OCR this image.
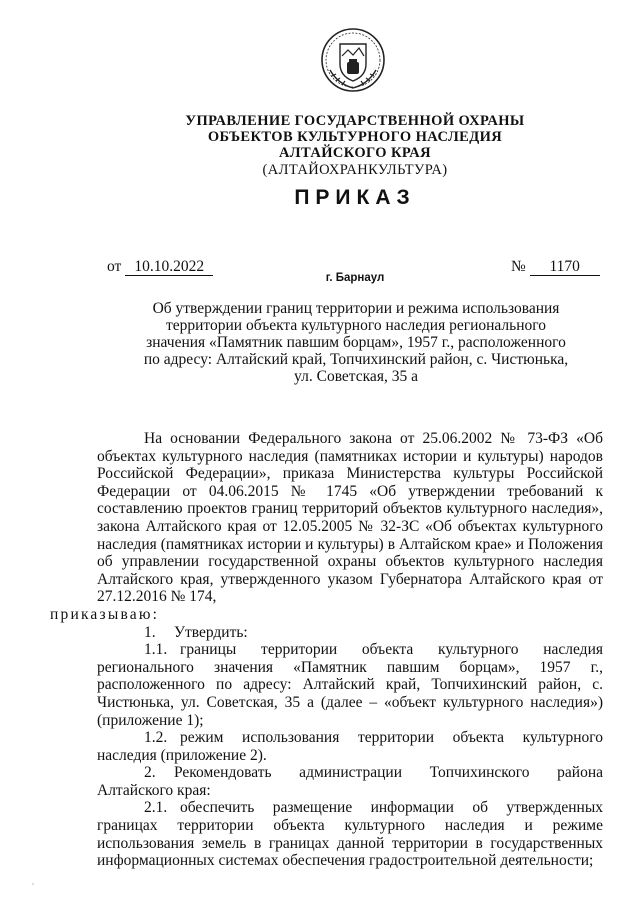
УПРАВЛЕНИЕ ГОСУДАРСТВЕННОЙ ОХРАНЫ
ОБЪЕКТОВ КУЛЬТУРНОГО НАСЛЕДИЯ
АЛТАЙСКОГО КРАЯ
(АЛТАЙОХРАНКУЛЬТУРА)
ПРИКАЗ
от 10.10.2022	№ 1170
г. Барнаул
Об утверждении границ территории и режима использования территории объекта культурного наследия регионального значения «Памятник павшим борцам», 1957 г., расположенного по адресу: Алтайский край, Топчихинский район, с. Чистюнька, ул. Советская, 35 а

На основании Федерального закона от 25.06.2002 № 73-ФЗ «Об объектах культурного наследия (памятниках истории и культуры) народов Российской Федерации», приказа Министерства культуры Российской Федерации от 04.06.2015 № 1745 «Об утверждении требований к составлению проектов границ территорий объектов культурного наследия», закона Алтайского края от 12.05.2005 № 32-ЗС «Об объектах культурного наследия (памятниках истории и культуры) в Алтайском крае» и Положения об управлении государственной охраны объектов культурного наследия Алтайского края, утвержденного указом Губернатора Алтайского края от 27.12.2016 № 174,
приказываю:

1. Утвердить:

1.1. границы территории объекта культурного наследия регионального значения «Памятник павшим борцам», 1957 г., расположенного по адресу: Алтайский край, Топчихинский район, с. Чистюнька, ул. Советская, 35 а (далее – «объект культурного наследия») (приложение 1);

1.2. режим использования территории объекта культурного наследия (приложение 2).

2. Рекомендовать администрации Топчихинского района Алтайского края:

2.1. обеспечить размещение информации об утвержденных границах территории объекта культурного наследия и режиме использования земель в границах данной территории в государственных информационных системах обеспечения градостроительной деятельности;
